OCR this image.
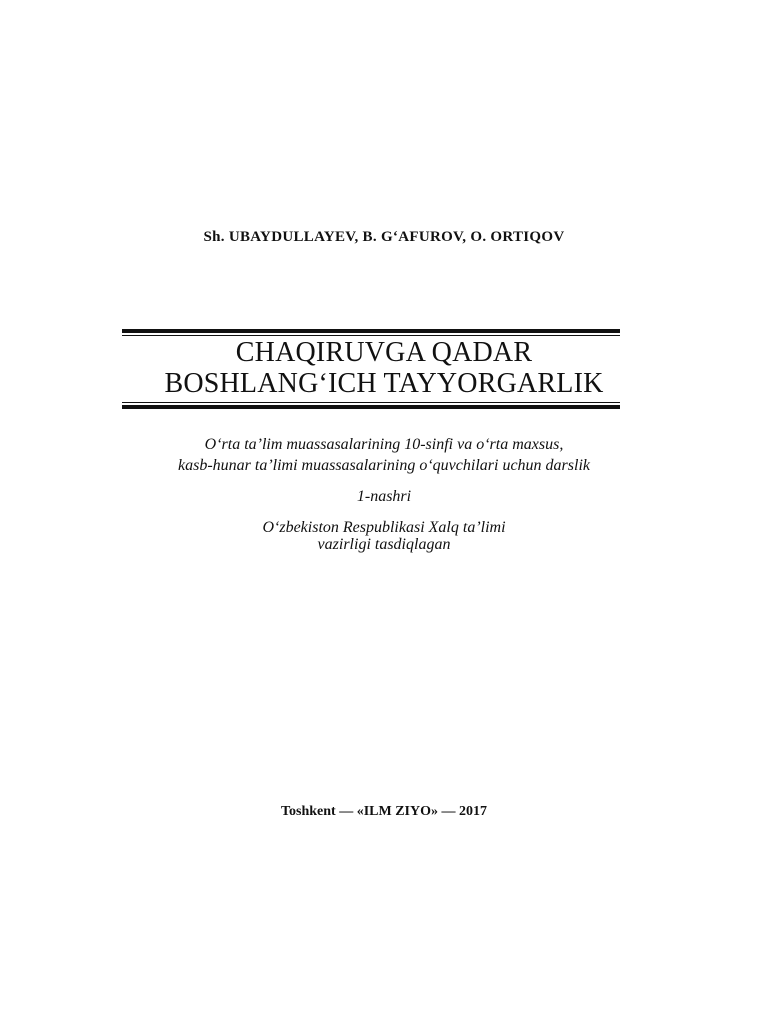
Sh. UBAYDULLAYEV, B. G‘AFUROV, O. ORTIQOV
CHAQIRUVGA QADAR
BOSHLANG‘ICH TAYYORGARLIK
O‘rta ta’lim muassasalarining 10-sinfi va o‘rta maxsus,
kasb-hunar ta’limi muassasalarining o‘quvchilari uchun darslik
1-nashri
O‘zbekiston Respublikasi Xalq ta’limi
vazirligi tasdiqlagan
Toshkent — «ILM ZIYO» — 2017
